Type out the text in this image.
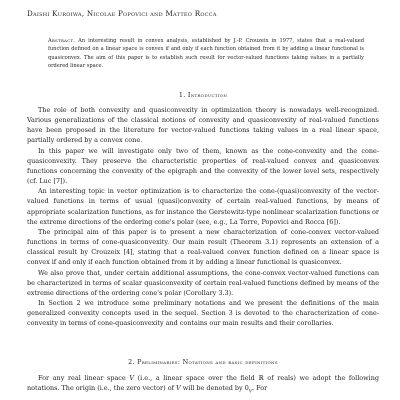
Daishi Kuroiwa, Nicolae Popovici and Matteo Rocca
Abstract. An interesting result in convex analysis, established by J.-P. Crouzeix in 1977, states that a real-valued function defined on a linear space is convex if and only if each function obtained from it by adding a linear functional is quasiconvex. The aim of this paper is to establish such result for vector-valued functions taking values in a partially ordered linear space.
1. Introduction

The role of both convexity and quasiconvexity in optimization theory is nowadays well-recognized. Various generalizations of the classical notions of convexity and quasiconvexity of real-valued functions have been proposed in the literature for vector-valued functions taking values in a real linear space, partially ordered by a convex cone.

In this paper we will investigate only two of them, known as the cone-convexity and the cone-quasiconvexity. They preserve the characteristic properties of real-valued convex and quasiconvex functions concerning the convexity of the epigraph and the convexity of the lower level sets, respectively (cf. Luc [7]).

An interesting topic in vector optimization is to characterize the cone-(quasi)convexity of the vector-valued functions in terms of usual (quasi)convexity of certain real-valued functions, by means of appropriate scalarization functions, as for instance the Gerstewitz-type nonlinear scalarization functions or the extreme directions of the ordering cone's polar (see, e.g., La Torre, Popovici and Rocca [6]).

The principal aim of this paper is to present a new characterization of cone-convex vector-valued functions in terms of cone-quasiconvexity. Our main result (Theorem 3.1) represents an extension of a classical result by Crouzeix [4], stating that a real-valued convex function defined on a linear space is convex if and only if each function obtained from it by adding a linear functional is quasiconvex.

We also prove that, under certain additional assumptions, the cone-convex vector-valued functions can be characterized in terms of scalar quasiconvexity of certain real-valued functions defined by means of the extreme directions of the ordering cone's polar (Corollary 3.3).

In Section 2 we introduce some preliminary notations and we present the definitions of the main generalized convexity concepts used in the sequel. Section 3 is devoted to the characterization of cone-convexity in terms of cone-quasiconvexity and contains our main results and their corollaries.

2. Preliminaries: Notations and basic definitions

For any real linear space V (i.e., a linear space over the field ℝ of reals) we adopt the following notations. The origin (i.e., the zero vector) of V will be denoted by $0_V$. For
